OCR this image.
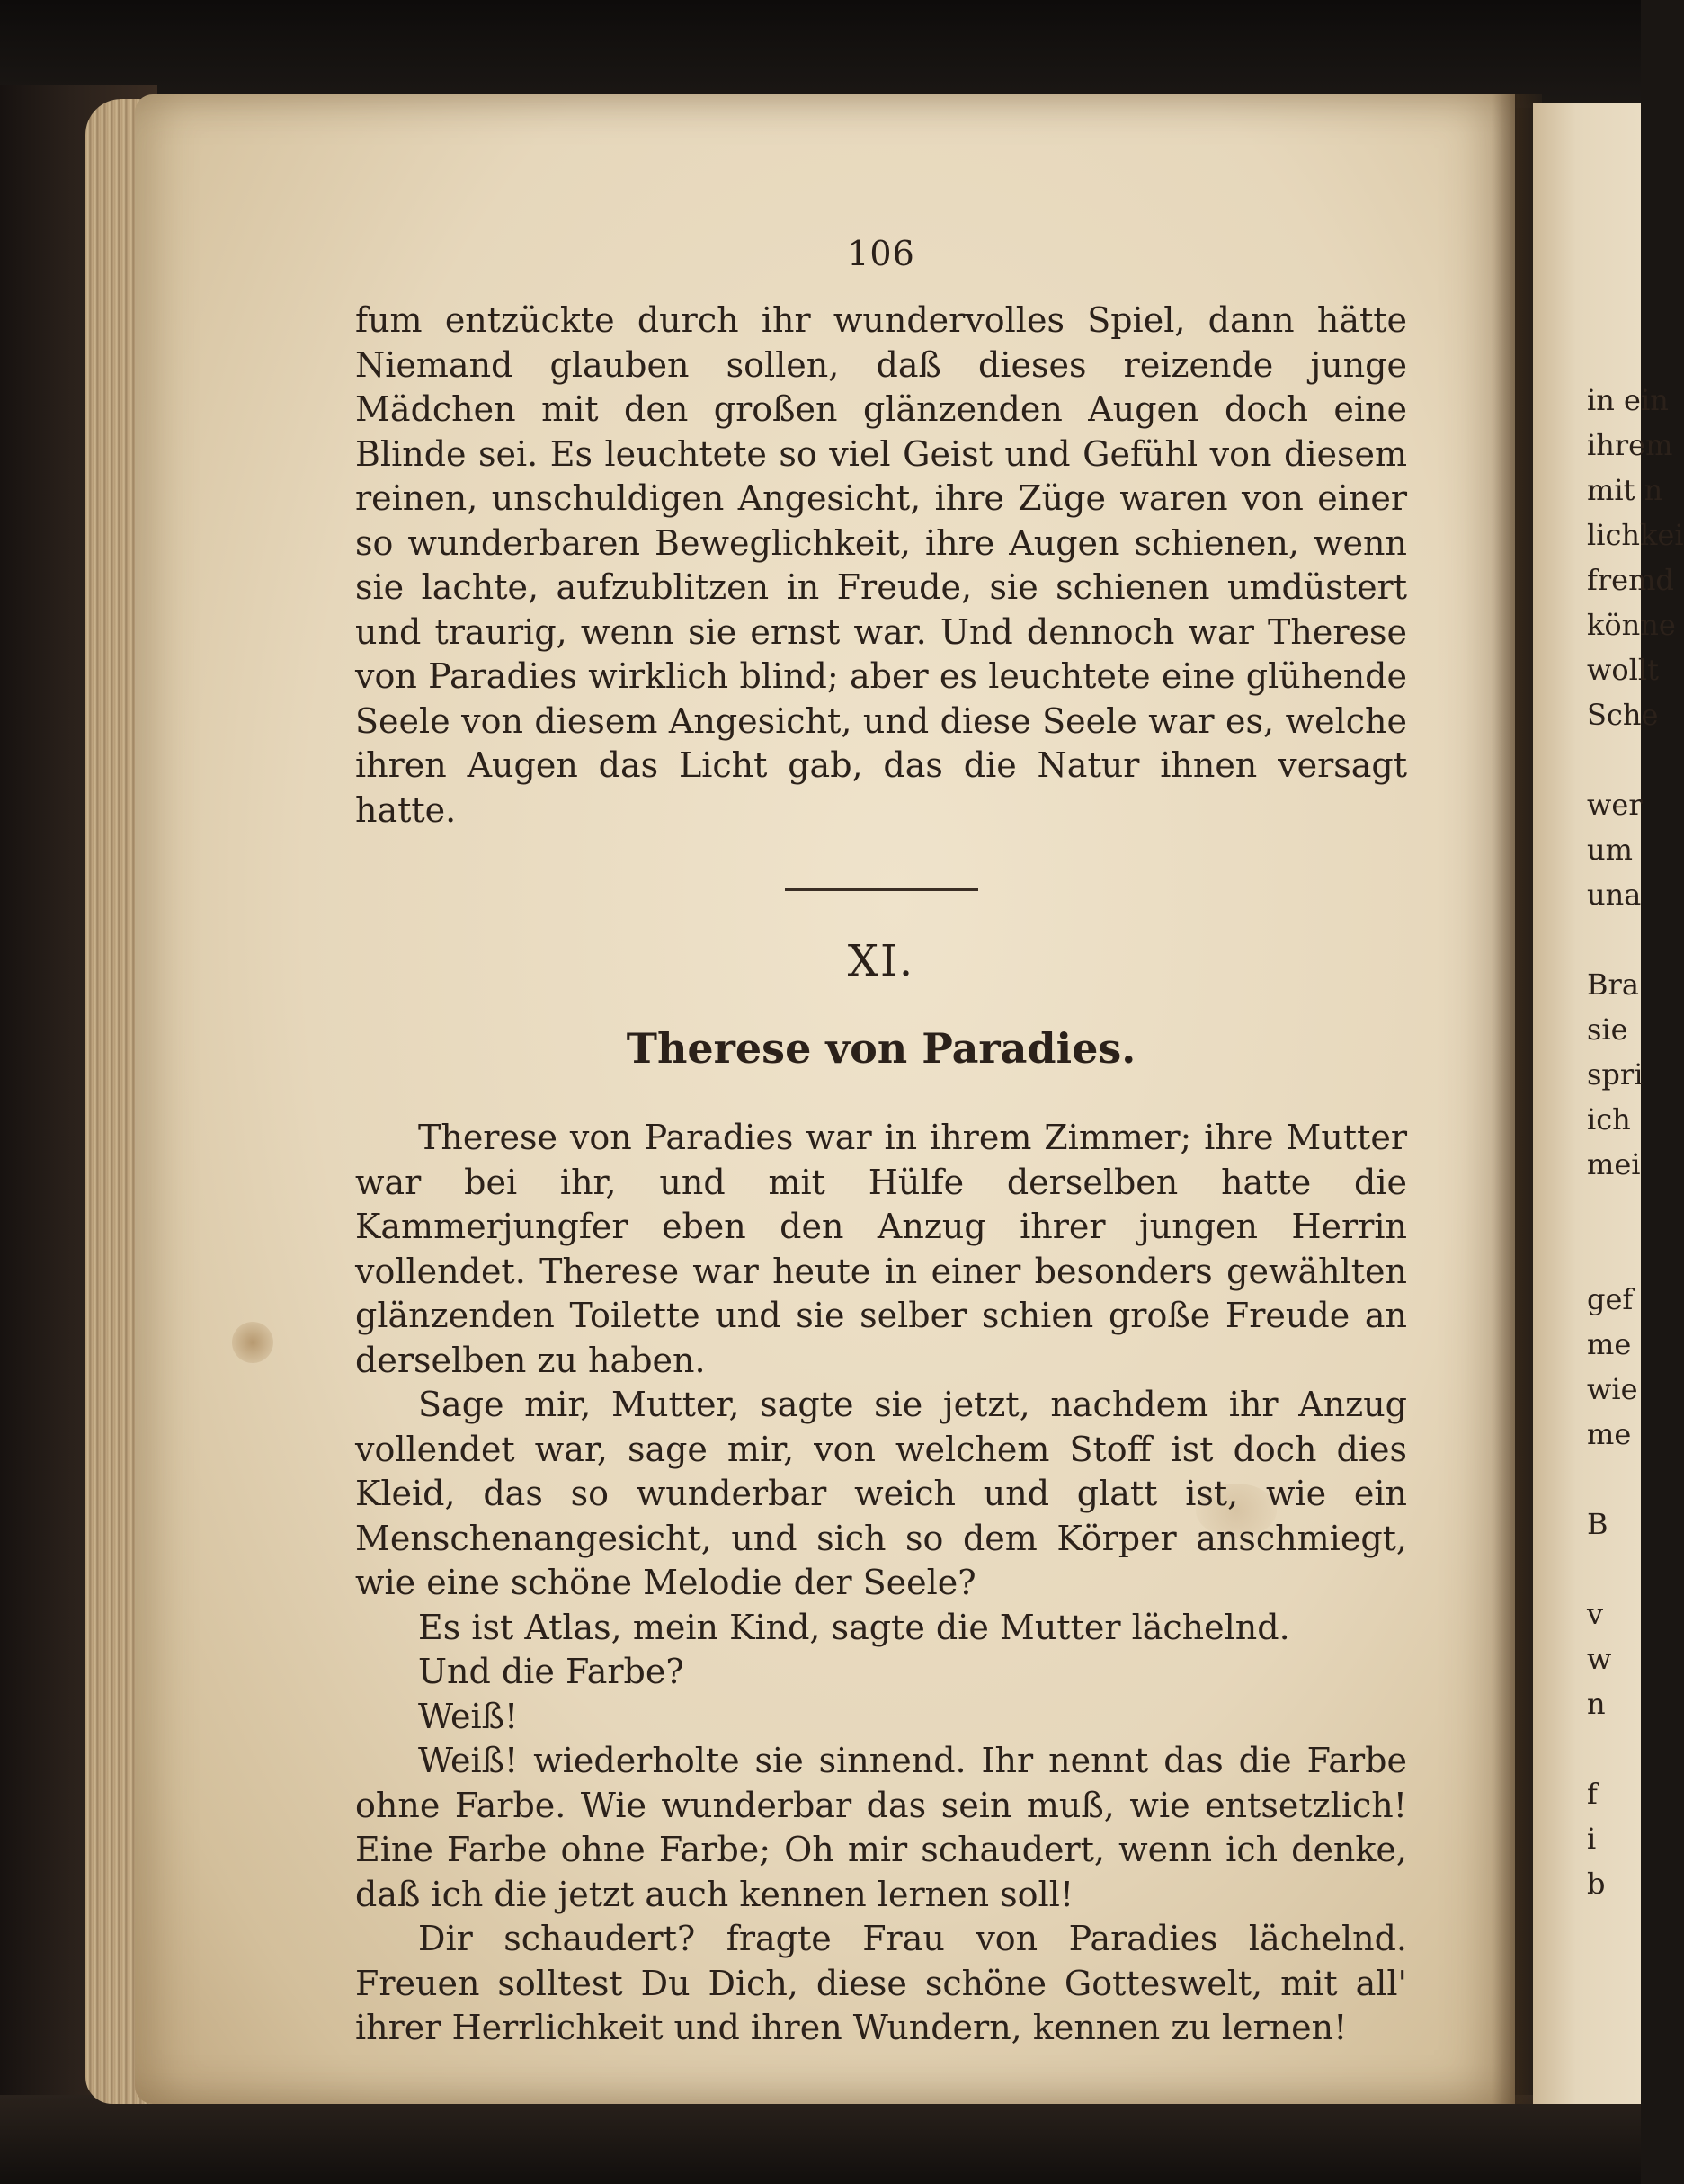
in ein
ihrem
mit n
lichkei
fremd
könne
wollt
Sche
wer
um
una
Bra
sie
spri
ich
mei
gef
me
wie
me
B
v
w
n
f
i
b
106

fum entzückte durch ihr wundervolles Spiel, dann hätte Niemand glauben sollen, daß dieses reizende junge Mädchen mit den großen glänzenden Augen doch eine Blinde sei. Es leuchtete so viel Geist und Gefühl von diesem reinen, unschuldigen Angesicht, ihre Züge waren von einer so wunderbaren Beweglichkeit, ihre Augen schienen, wenn sie lachte, aufzublitzen in Freude, sie schienen umdüstert und traurig, wenn sie ernst war. Und dennoch war Therese von Paradies wirklich blind; aber es leuchtete eine glühende Seele von diesem Angesicht, und diese Seele war es, welche ihren Augen das Licht gab, das die Natur ihnen versagt hatte.

XI.
Therese von Paradies.

Therese von Paradies war in ihrem Zimmer; ihre Mutter war bei ihr, und mit Hülfe derselben hatte die Kammerjungfer eben den Anzug ihrer jungen Herrin vollendet. Therese war heute in einer besonders gewählten glänzenden Toilette und sie selber schien große Freude an derselben zu haben.

Sage mir, Mutter, sagte sie jetzt, nachdem ihr Anzug vollendet war, sage mir, von welchem Stoff ist doch dies Kleid, das so wunderbar weich und glatt ist, wie ein Menschenangesicht, und sich so dem Körper anschmiegt, wie eine schöne Melodie der Seele?

Es ist Atlas, mein Kind, sagte die Mutter lächelnd.

Und die Farbe?

Weiß!

Weiß! wiederholte sie sinnend. Ihr nennt das die Farbe ohne Farbe. Wie wunderbar das sein muß, wie entsetzlich! Eine Farbe ohne Farbe; Oh mir schaudert, wenn ich denke, daß ich die jetzt auch kennen lernen soll!

Dir schaudert? fragte Frau von Paradies lächelnd. Freuen solltest Du Dich, diese schöne Gotteswelt, mit all' ihrer Herrlichkeit und ihren Wundern, kennen zu lernen!
